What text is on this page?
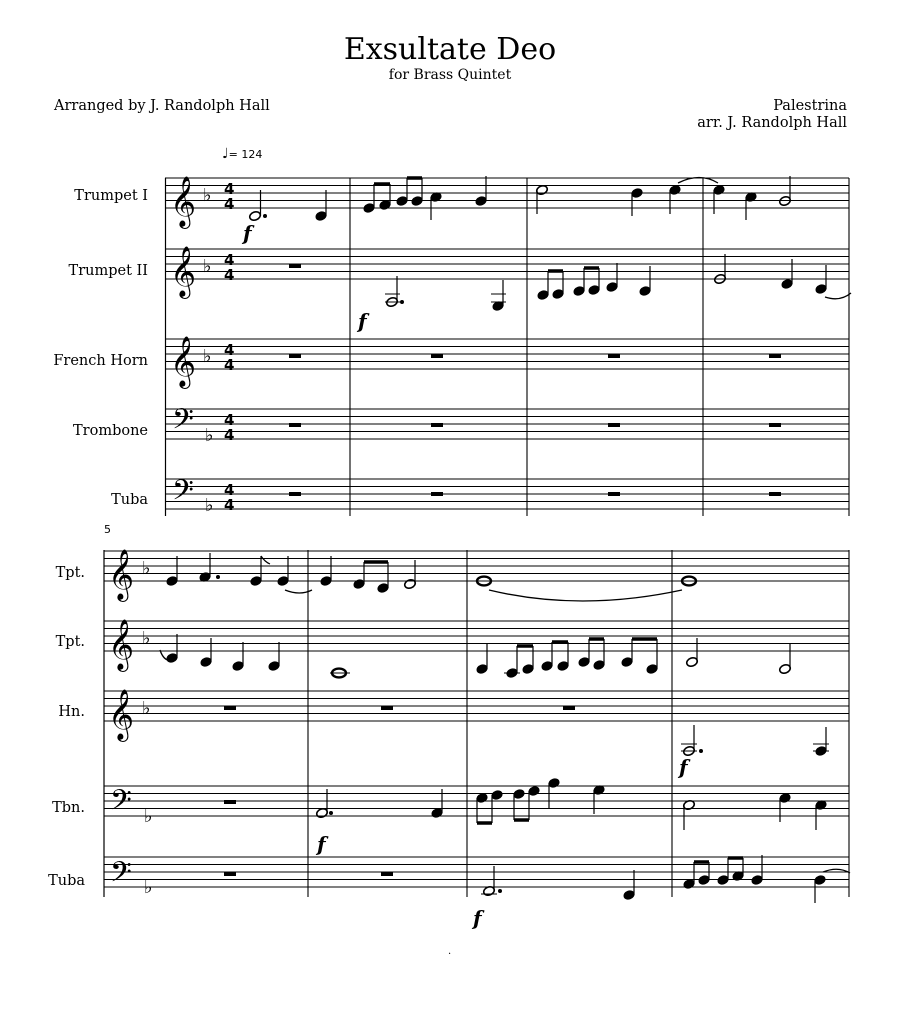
Exsultate Deo
for Brass Quintet
Arranged by J. Randolph Hall	Palestrina
arr. J. Randolph Hall
♩= 124
Trumpet I
Trumpet II
French Horn
Trombone
Tuba
5
Tpt.
Tpt.
Hn.
Tbn.
Tuba
𝄞
𝄞
𝄞
𝄢
𝄢
♭
♭
♭
♭
♭
4
4
4
4
4
4
4
4
4
4
𝄞
𝄞
𝄞
𝄢
𝄢
♭
♭
♭
♭
♭
f
f
f
f
f
.
